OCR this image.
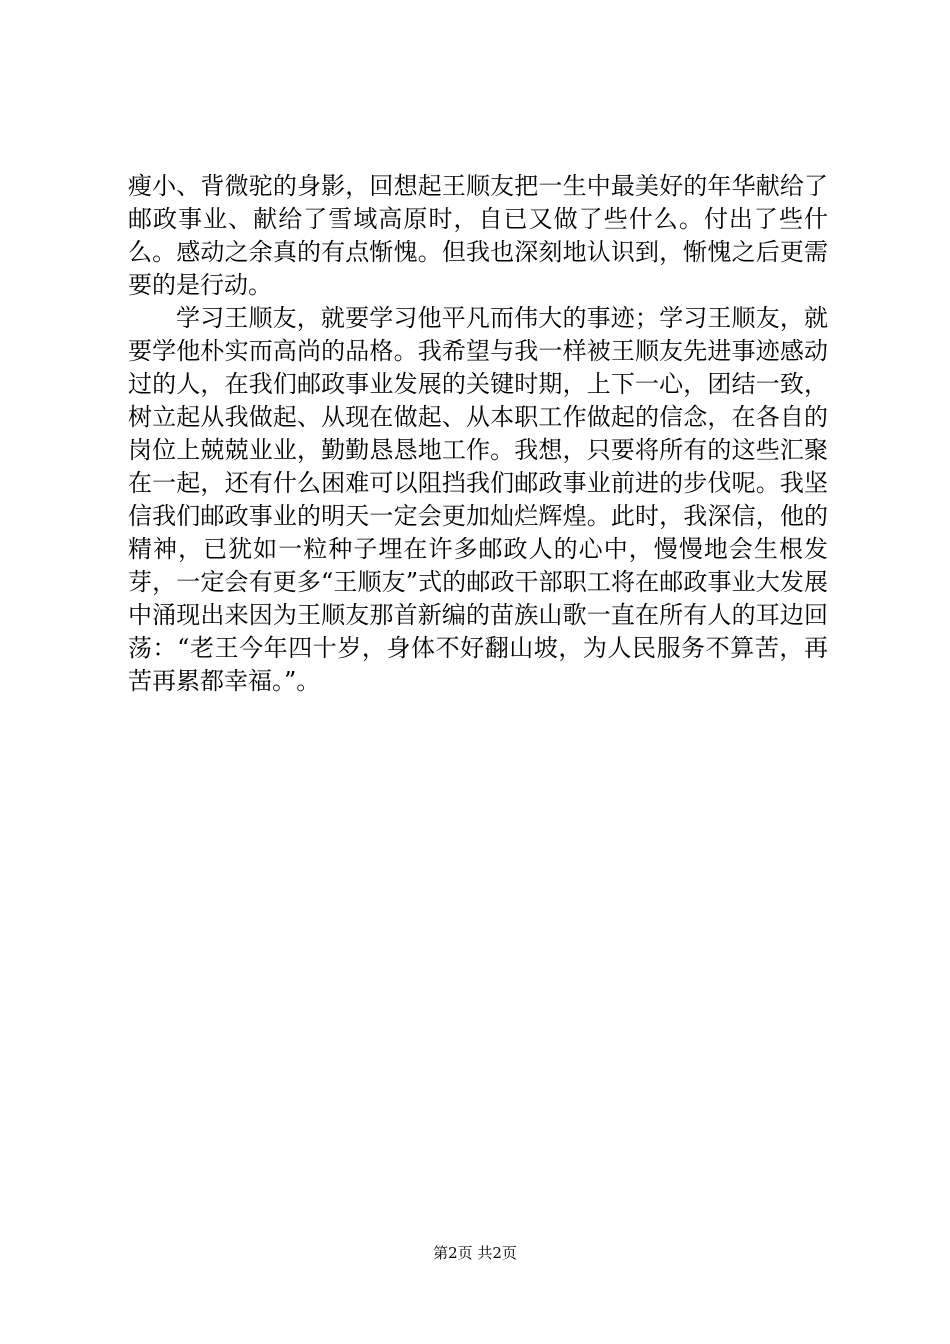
瘦小、背微驼的身影，回想起王顺友把一生中最美好的年华献给了邮政事业、献给了雪域高原时，自已又做了些什么。付出了些什么。感动之余真的有点惭愧。但我也深刻地认识到，惭愧之后更需要的是行动。

学习王顺友，就要学习他平凡而伟大的事迹；学习王顺友，就要学他朴实而高尚的品格。我希望与我一样被王顺友先进事迹感动过的人，在我们邮政事业发展的关键时期，上下一心，团结一致，树立起从我做起、从现在做起、从本职工作做起的信念，在各自的岗位上兢兢业业，勤勤恳恳地工作。我想，只要将所有的这些汇聚在一起，还有什么困难可以阻挡我们邮政事业前进的步伐呢。我坚信我们邮政事业的明天一定会更加灿烂辉煌。此时，我深信，他的精神，已犹如一粒种子埋在许多邮政人的心中，慢慢地会生根发芽，一定会有更多“王顺友”式的邮政干部职工将在邮政事业大发展中涌现出来因为王顺友那首新编的苗族山歌一直在所有人的耳边回荡：“老王今年四十岁，身体不好翻山坡，为人民服务不算苦，再苦再累都幸福。”。

第2页 共2页
